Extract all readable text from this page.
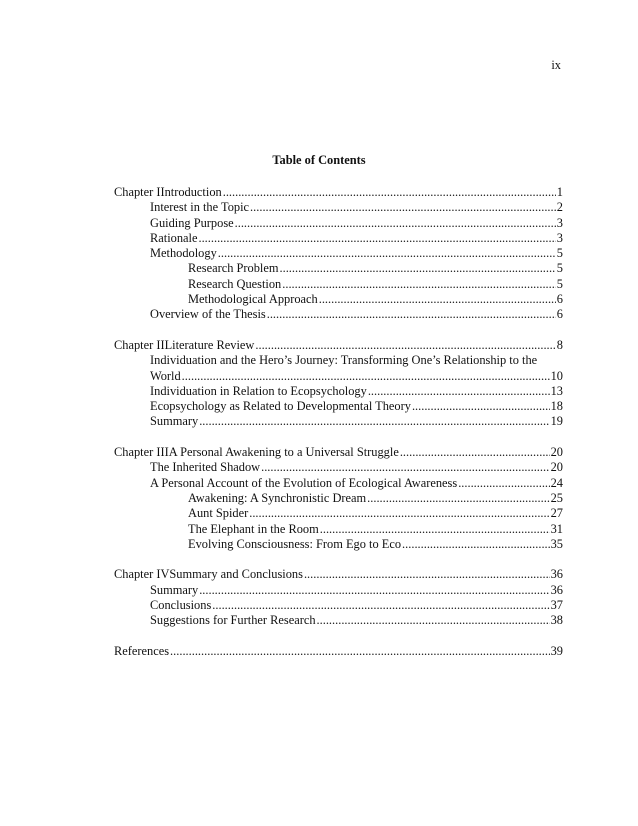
ix
Table of Contents
Chapter I Introduction .....	1
Interest in the Topic .....	2
Guiding Purpose .....	3
Rationale .....	3
Methodology .....	5
Research Problem .....	5
Research Question .....	5
Methodological Approach .....	6
Overview of the Thesis .....	6
Chapter II Literature Review .....	8
Individuation and the Hero’s Journey: Transforming One’s Relationship to the
World .....	10
Individuation in Relation to Ecopsychology .....	13
Ecopsychology as Related to Developmental Theory .....	18
Summary .....	19
Chapter III A Personal Awakening to a Universal Struggle .....	20
The Inherited Shadow .....	20
A Personal Account of the Evolution of Ecological Awareness .....	24
Awakening: A Synchronistic Dream .....	25
Aunt Spider .....	27
The Elephant in the Room .....	31
Evolving Consciousness: From Ego to Eco .....	35
Chapter IV Summary and Conclusions .....	36
Summary .....	36
Conclusions .....	37
Suggestions for Further Research .....	38
References .....	39
